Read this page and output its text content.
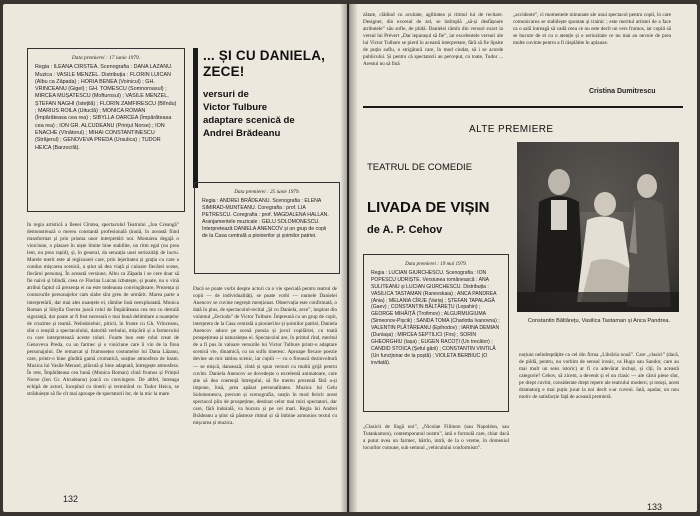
Data premierei : 17 iunie 1979.
Regia : ILEANA CIRSTEA. Scenografia : DANA LAZANU. Muzica : VASILE MENZEL. Distribuția : FLORIN LUICAN (Albu ca Zăpada) ; HORIA BENEA (Voinicul) ; GH. VRINCEANU (Gigel) ; GH. TOMESCU (Somnoroasul) ; MIRCEA MUȘATESCU (Mofturosul) ; VASILE MENZEL, ȘTEFAN NAGHI (Istețilă) ; FLORIN ZAMFIRESCU (Blîndu) ; MARIUS ROILA (Uituclă) ; MONICA ROMAN (Împărăteasa cea rea) ; SIBYLLA OARCEA (Împărăteasa cea rea) ; ION GR. ALCUDEANU (Prințul Norse) ; ION ENACHE (Vînătorul) ; MIHAI CONSTANTINESCU (Străjerul) ; GENOVEVA PREDA (Ursulica) ; TUDOR HEICA (Barzocilă).
... ȘI CU DANIELA, ZECE!
versuri de
Victor Tulbure
adaptare scenică de
Andrei Brădeanu
Data premierei : 25 iunie 1979.
Regia : ANDREI BRĂDEANU. Scenografia : ELENA SIMIRAD-MUNTEANU. Coregrafia : prof. LIA PETRESCU. Coregrafia : prof. MAGDALENA HALLAN. Aranjamentele muzicale : GELU SOLOMONESCU. Interpretează DANIELA ANENCOV și un grup de copii de la Casa centrală a pionierilor și șoimilor patriei.
În regia artistică a Ilenei Cîrstea, spectacolul Teatrului „Ion Creangă” demonstrează o mereu constantă profesională ținută, în această fiind transformat și prin prisma unor interpretări noi. Montarea degajă o vioiciune, o plasare în niște limite bine stabilite, un ritm egal (nu prea lent, nu prea rapid), și, în general, da senzația unei seriozități de lucru. Marele merit este al regizoarei care, prin lejeritatea și grația cu care a condus mișcarea scenică, a știut să dea viață și culoare fiecărei scene, fiecărui personaj. În această versiune, Albu ca Zăpada i se cere doar să fie naivă și blîndă, ceea ce Florina Luican izbutește, și poate, nu o vină atribui faptul că prezența ei nu este totdeauna convingătoare. Prezența și contururile personajelor cam slabe sînt greu de urmărit. Marea parte a interpretării, dar mai ales nuanțele ei, rămîne însă neexploatată. Monica Roman și Sibylla Oarcea joacă rolul de Împărăteasa cea rea cu destulă siguranță, dar poate ar fi fost necesară o mai bună delimitare a nuanțelor de cruzime și teamă. Neîndoielnic, piticii, în frunte cu Gh. Vrînceanu, sînt o reușită a spectacolului, datorită verbului, mișcării și a farmecului cu care interpretează aceste roluri. Foarte bun este rolul creat de Genoveva Preda, cu un farmec și o vioiciune care îi vin de la firea personajului. De remarcat și frumusețea costumelor lui Dana Lăzanu, care, printr-o bine gîndită gamă cromatică, susține atmosfera de basm. Muzica lui Vasile Menzel, plăcută și bine adaptată, întregește atmosfera. În rest, Împărăteasa cea bună (Monica Roman) cîntă frumos și Prințul Norse (Ion Gr. Alcudeanu) joacă cu convingere. De altfel, întreaga echipă de actori, începînd cu tinerii și terminînd cu Tudor Heica, se străduiește să fie cît mai aproape de spectatorii lor, de la mic la mare.
Dacă se poate vorbi despre actori ca o vie specială pentru teatrul de copii — de individualități, se poate vorbi — numele Danielei Anencov se cuvine negreșit menționat. Observația este confirmată, o dată în plus, de spectacolul-recital „Și cu Daniela, zece”, inspirat din volumul „Zecioda” de Victor Tulbure. Împreună cu un grup de copii, interpreta de la Casa centrală a pionierilor și șoimilor patriei, Daniela Anencov aduce pe scenă poezia și jocul copilăriei, cu toată prospețimea și naturalețea ei. Spectacolul are, în primul rînd, meritul de a fi pus în valoare versurile lui Victor Tulbure printr-o adaptare scenică vie, dinamică, cu un suflu tineresc. Aproape fiecare poezie devine un mic tablou scenic, iar copiii — cu o firească dezinvoltură — se mișcă, dansează, cîntă și spun versuri cu multă grijă pentru cuvînt. Daniela Anencov se dovedește o excelentă animatoare, care știe să dea coerență întregului, să fie mereu prezentă fără a-și impune, însă, prea apăsat personalitatea. Muzica lui Gelu Solomonescu, precum și scenografia, susțin în mod fericit acest spectacol plin de prospețime, destinat celor mai mici spectatori, dar care, fără îndoială, va bucura și pe cei mari. Regia lui Andrei Brădeanu a știut să păstreze ritmul și să îmbine armonios textul cu mișcarea și muzica.
132
zătate, clădind cu acuitate, agilitatea și ritmul lui de recitare. Designer, din excesul de zel, se întîmplă „să-și desfășoare atributele” său sofie, de plidă. Danielei rămîn din versuri exact la versul lui Prévert „Dar iepurașul să fie”, iar excelentele versuri ale lui Victor Tulbure se pierd în această interpretare, fără să fie lipsite de puțin suflu, o strigătură care, în mod ciudat, să i se acorde publicului. Și pentru că spectatorii au perceput, cu toate, Tudor ... Arestul nu să fină
„accidente”, ci momentele minunate ale unui spectacol pentru copii, în care comunicarea se stabilește spontan și trainic ; este meritul artistei de a face ca o sală întreagă să vadă ceea ce nu este decît un vers frumos, iar copiii să se bucure de el cu o atenție și o seriozitate ce nu mai au nevoie de prea multe cuvinte pentru a fi răsplătite în aplauze.
Cristina Dumitrescu
ALTE PREMIERE
TEATRUL DE COMEDIE
LIVADA DE VIȘIN
de A. P. Cehov
Constantin Băltărețu, Vasilica Tastaman și Anca Pandrea.
Data premierei : 19 mai 1979.
Regia : LUCIAN GIURCHESCU. Scenografia : ION POPESCU UDRIȘTE. Versiunea românească : ANA SULITEANU și LUCIAN GIURCHESCU. Distribuția : VASILICA TASTAMAN (Ranevskaia) ; ANCA PANDREA (Ania) ; MELANIA CÎRJE (Varia) ; ȘTEFAN TAPALAGĂ (Gaev) ; CONSTANTIN BĂLTĂREȚU (Lopahin) ; GEORGE MIHĂIȚĂ (Trofimov) ; ALGURMUGIUMA (Simeonov-Pișcik) ; SANDA TOMA (Charlotta Ivanovna) ; VALENTIN PLĂTĂREANU (Epihodov) ; IARINA DEMIAN (Duniașa) ; MIRCEA SEPTILICI (Firs) ; SORIN GHEORGHIU (Iașa) ; EUGEN RACOȚI (Un trecător) ; CANDID STOICA (Șeful gării) ; CONSTANTIN VINTILĂ (Un funcționar de la poștă) ; VIOLETA BERBIUC (O invitată).
„Clasicii de lîngă noi”, „Nicolae Filimon (sau Napoléon, sau Tutankamon), contemporanul nostru”, iată o formulă care, chiar dacă a putut avea un farmec, bătrîn, intră, de la o vreme, în domeniul locurilor comune, sub semnul „vehiculului conformism”.
noțiuni neîndreptățite ca cel din firma „Librăria nouă”. Care „clasici” (dacă, de pildă, pentru, nu vorbim de sensul ironic, ca Hugo sau Sandor, care au mai mult un sens istoric) ar fi cu adevărat incluși, și cîți, în această categorie? Cehov, să zicem, a devenit și el un clasic — ale cărui piese sînt, pe drept cuvînt, considerate drept repere ale teatrului modern; și totuși, acest dramaturg e mai puțin jucat la noi decît s-ar cuveni. Iată, așadar, un nou motiv de satisfacție față de această premieră.
133
